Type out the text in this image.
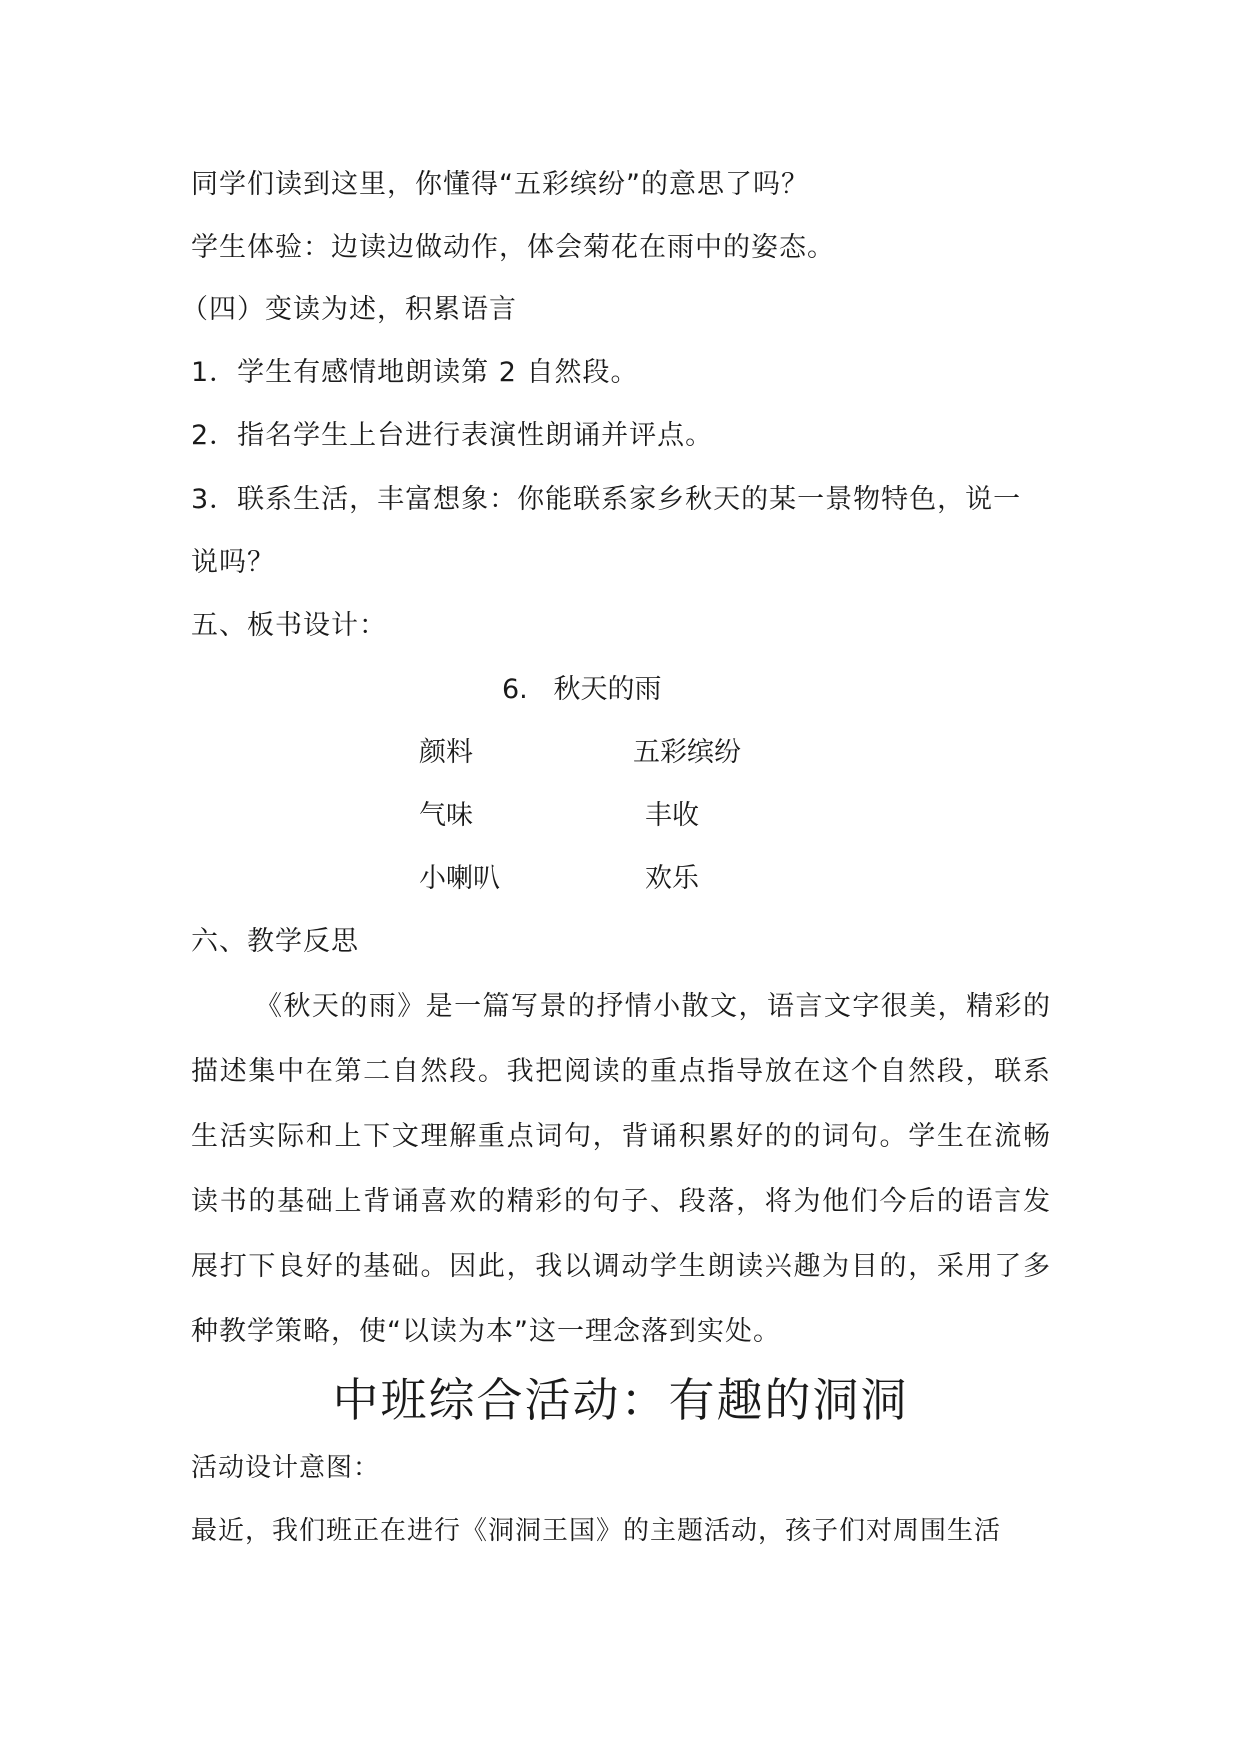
同学们读到这里，你懂得“五彩缤纷”的意思了吗？
学生体验：边读边做动作，体会菊花在雨中的姿态。
（四）变读为述，积累语言
1．学生有感情地朗读第 2 自然段。
2．指名学生上台进行表演性朗诵并评点。
3．联系生活，丰富想象：你能联系家乡秋天的某一景物特色，说一
说吗？
五、板书设计：
6.   秋天的雨
颜料	五彩缤纷
气味	丰收
小喇叭	欢乐
六、教学反思
《秋天的雨》是一篇写景的抒情小散文，语言文字很美，精彩的描述集中在第二自然段。我把阅读的重点指导放在这个自然段，联系生活实际和上下文理解重点词句，背诵积累好的的词句。学生在流畅读书的基础上背诵喜欢的精彩的句子、段落，将为他们今后的语言发展打下良好的基础。因此，我以调动学生朗读兴趣为目的，采用了多种教学策略，使“以读为本”这一理念落到实处。
中班综合活动：有趣的洞洞
活动设计意图：
最近，我们班正在进行《洞洞王国》的主题活动，孩子们对周围生活
